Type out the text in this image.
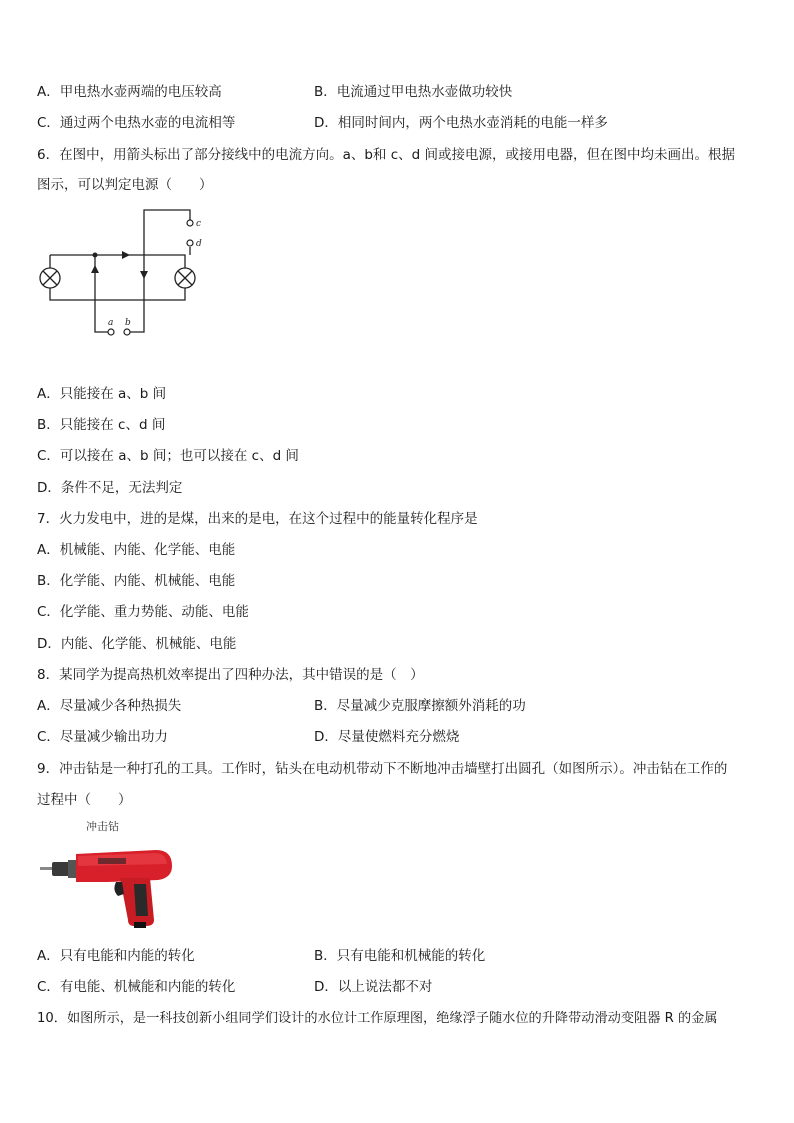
A．甲电热水壶两端的电压较高	B．电流通过甲电热水壶做功较快
C．通过两个电热水壶的电流相等	D．相同时间内，两个电热水壶消耗的电能一样多
6．在图中，用箭头标出了部分接线中的电流方向。a、b和 c、d 间或接电源，或接用电器，但在图中均未画出。根据
图示，可以判定电源（　　）
c
d
a b
A．只能接在 a、b 间
B．只能接在 c、d 间
C．可以接在 a、b 间；也可以接在 c、d 间
D．条件不足，无法判定
7．火力发电中，进的是煤，出来的是电，在这个过程中的能量转化程序是
A．机械能、内能、化学能、电能
B．化学能、内能、机械能、电能
C．化学能、重力势能、动能、电能
D．内能、化学能、机械能、电能
8．某同学为提高热机效率提出了四种办法，其中错误的是（　）
A．尽量减少各种热损失	B．尽量减少克服摩擦额外消耗的功
C．尽量减少输出功力	D．尽量使燃料充分燃烧
9．冲击钻是一种打孔的工具。工作时，钻头在电动机带动下不断地冲击墙壁打出圆孔（如图所示）。冲击钻在工作的
过程中（　　）
冲击钻
A．只有电能和内能的转化	B．只有电能和机械能的转化
C．有电能、机械能和内能的转化	D．以上说法都不对
10．如图所示，是一科技创新小组同学们设计的水位计工作原理图，绝缘浮子随水位的升降带动滑动变阻器 R 的金属
